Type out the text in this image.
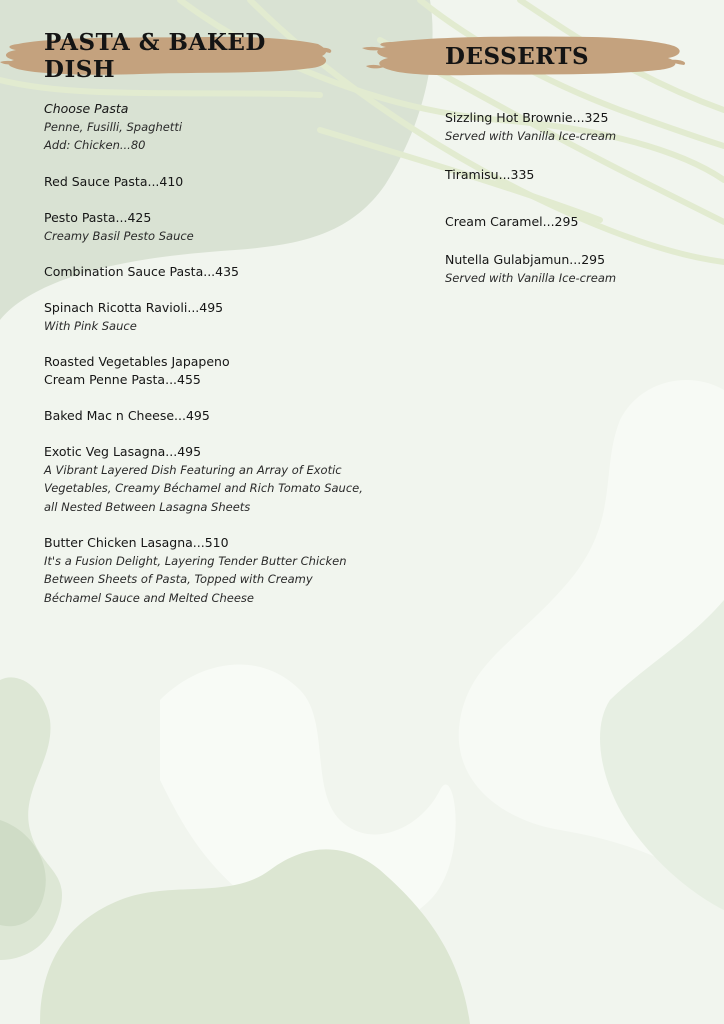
PASTA & BAKED DISH	DESSERTS
Choose Pasta
Penne, Fusilli, Spaghetti
Add: Chicken...80
Red Sauce Pasta...410
Pesto Pasta...425
Creamy Basil Pesto Sauce
Combination Sauce Pasta...435
Spinach Ricotta Ravioli...495
With Pink Sauce
Roasted Vegetables Japapeno
Cream Penne Pasta...455
Baked Mac n Cheese...495
Exotic Veg Lasagna...495
A Vibrant Layered Dish Featuring an Array of Exotic
Vegetables, Creamy Béchamel and Rich Tomato Sauce,
all Nested Between Lasagna Sheets
Butter Chicken Lasagna...510
It's a Fusion Delight, Layering Tender Butter Chicken
Between Sheets of Pasta, Topped with Creamy
Béchamel Sauce and Melted Cheese
Sizzling Hot Brownie...325
Served with Vanilla Ice-cream
Tiramisu...335
Cream Caramel...295
Nutella Gulabjamun...295
Served with Vanilla Ice-cream
